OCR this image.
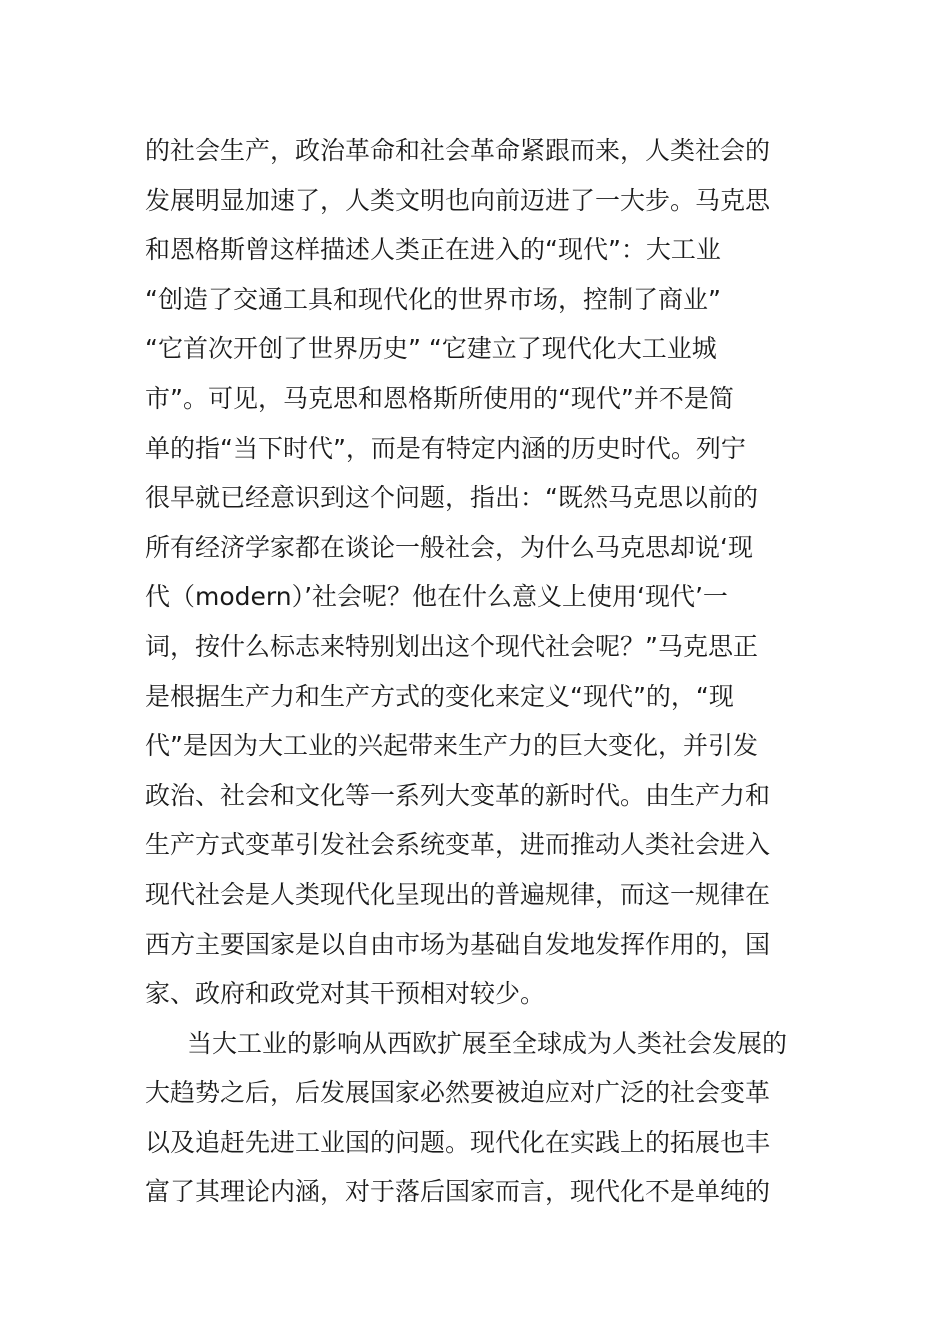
的社会生产，政治革命和社会革命紧跟而来，人类社会的
发展明显加速了，人类文明也向前迈进了一大步。马克思
和恩格斯曾这样描述人类正在进入的“现代”：大工业
“创造了交通工具和现代化的世界市场，控制了商业”
“它首次开创了世界历史” “它建立了现代化大工业城
市”。可见，马克思和恩格斯所使用的“现代”并不是简
单的指“当下时代”，而是有特定内涵的历史时代。列宁
很早就已经意识到这个问题，指出：“既然马克思以前的
所有经济学家都在谈论一般社会，为什么马克思却说‘现
代（modern）’社会呢？他在什么意义上使用‘现代’一
词，按什么标志来特别划出这个现代社会呢？”马克思正
是根据生产力和生产方式的变化来定义“现代”的，“现
代”是因为大工业的兴起带来生产力的巨大变化，并引发
政治、社会和文化等一系列大变革的新时代。由生产力和
生产方式变革引发社会系统变革，进而推动人类社会进入
现代社会是人类现代化呈现出的普遍规律，而这一规律在
西方主要国家是以自由市场为基础自发地发挥作用的，国
家、政府和政党对其干预相对较少。
当大工业的影响从西欧扩展至全球成为人类社会发展的
大趋势之后，后发展国家必然要被迫应对广泛的社会变革
以及追赶先进工业国的问题。现代化在实践上的拓展也丰
富了其理论内涵，对于落后国家而言，现代化不是单纯的
